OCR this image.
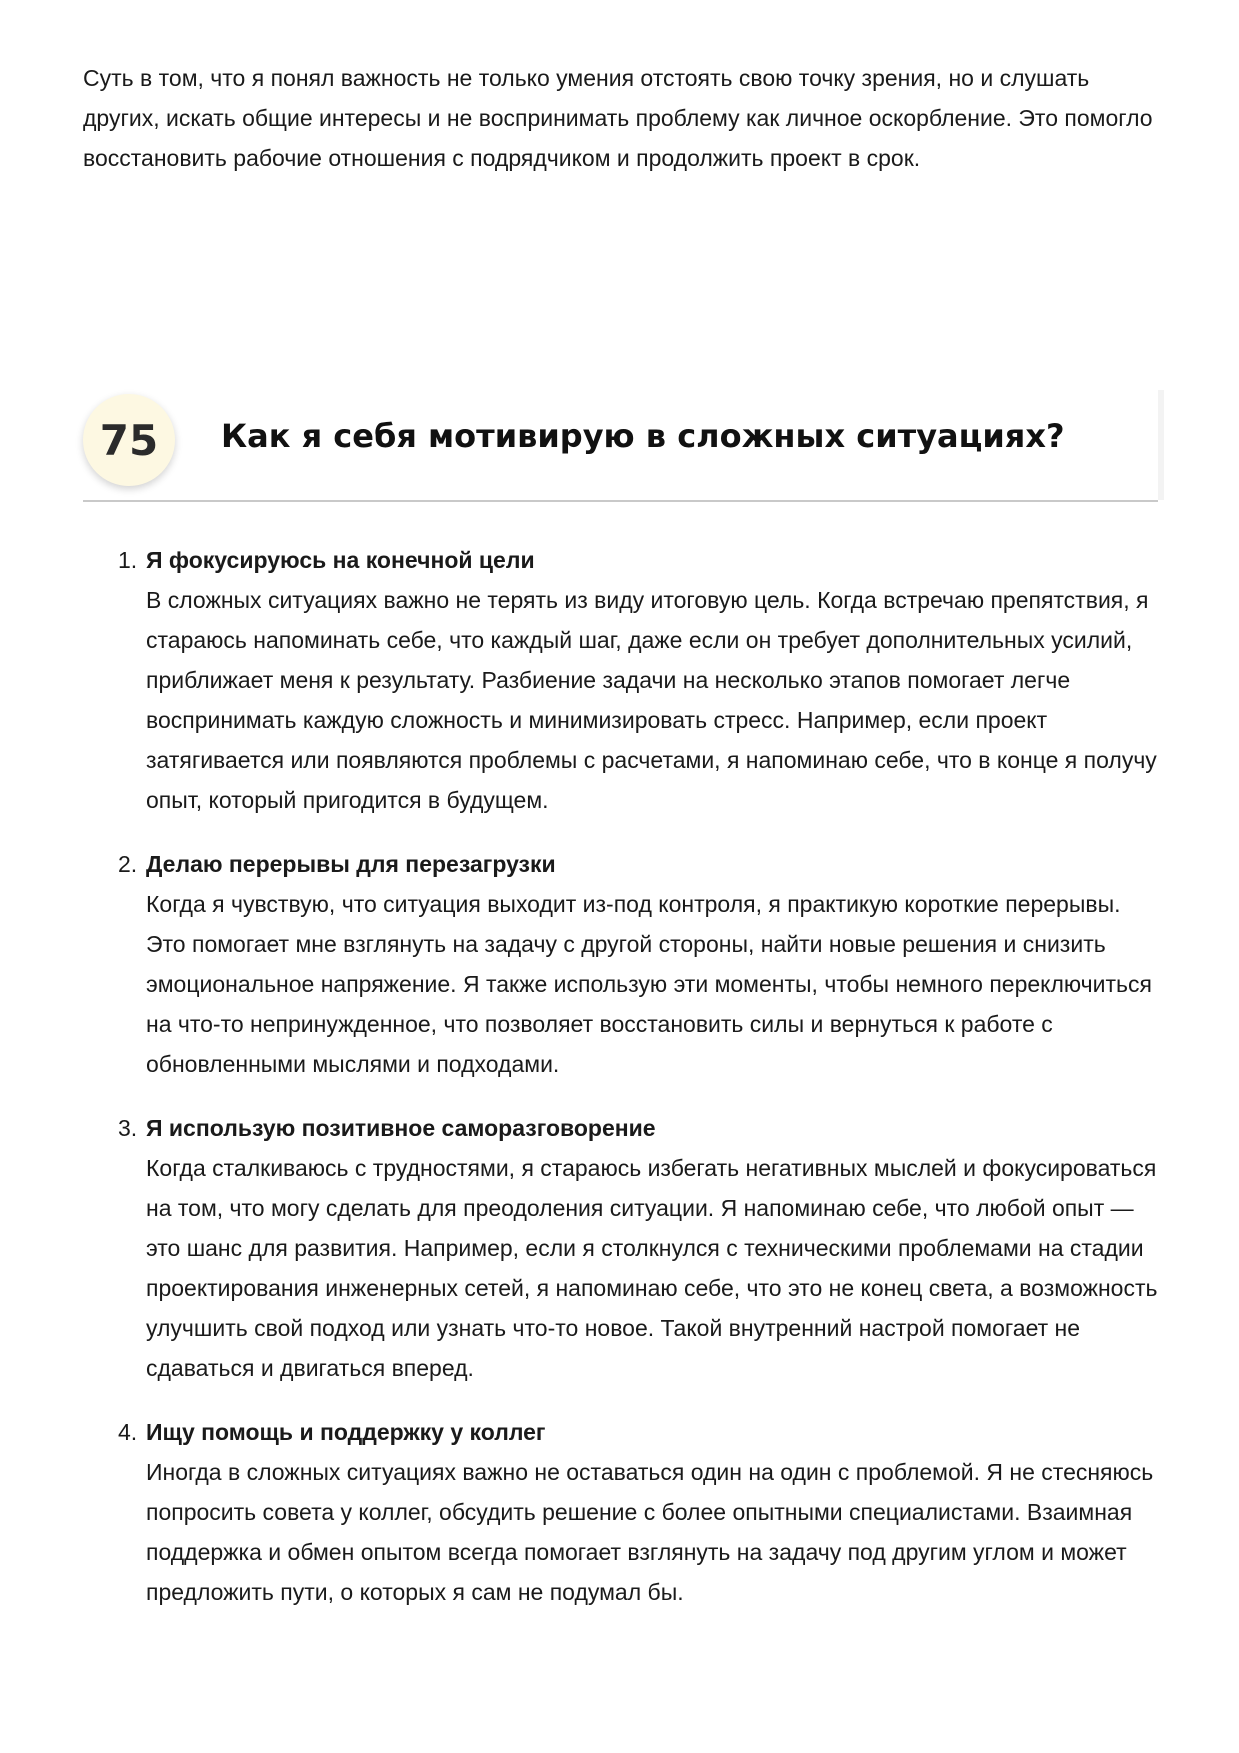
Суть в том, что я понял важность не только умения отстоять свою точку зрения, но и слушать других, искать общие интересы и не воспринимать проблему как личное оскорбление. Это помогло восстановить рабочие отношения с подрядчиком и продолжить проект в срок.

75	Как я себя мотивирую в сложных ситуациях?
1. Я фокусируюсь на конечной цели

В сложных ситуациях важно не терять из виду итоговую цель. Когда встречаю препятствия, я стараюсь напоминать себе, что каждый шаг, даже если он требует дополнительных усилий, приближает меня к результату. Разбиение задачи на несколько этапов помогает легче воспринимать каждую сложность и минимизировать стресс. Например, если проект затягивается или появляются проблемы с расчетами, я напоминаю себе, что в конце я получу опыт, который пригодится в будущем.

2. Делаю перерывы для перезагрузки

Когда я чувствую, что ситуация выходит из-под контроля, я практикую короткие перерывы. Это помогает мне взглянуть на задачу с другой стороны, найти новые решения и снизить эмоциональное напряжение. Я также использую эти моменты, чтобы немного переключиться на что-то непринужденное, что позволяет восстановить силы и вернуться к работе с обновленными мыслями и подходами.

3. Я использую позитивное саморазговорение

Когда сталкиваюсь с трудностями, я стараюсь избегать негативных мыслей и фокусироваться на том, что могу сделать для преодоления ситуации. Я напоминаю себе, что любой опыт — это шанс для развития. Например, если я столкнулся с техническими проблемами на стадии проектирования инженерных сетей, я напоминаю себе, что это не конец света, а возможность улучшить свой подход или узнать что-то новое. Такой внутренний настрой помогает не сдаваться и двигаться вперед.

4. Ищу помощь и поддержку у коллег

Иногда в сложных ситуациях важно не оставаться один на один с проблемой. Я не стесняюсь попросить совета у коллег, обсудить решение с более опытными специалистами. Взаимная поддержка и обмен опытом всегда помогает взглянуть на задачу под другим углом и может предложить пути, о которых я сам не подумал бы.
